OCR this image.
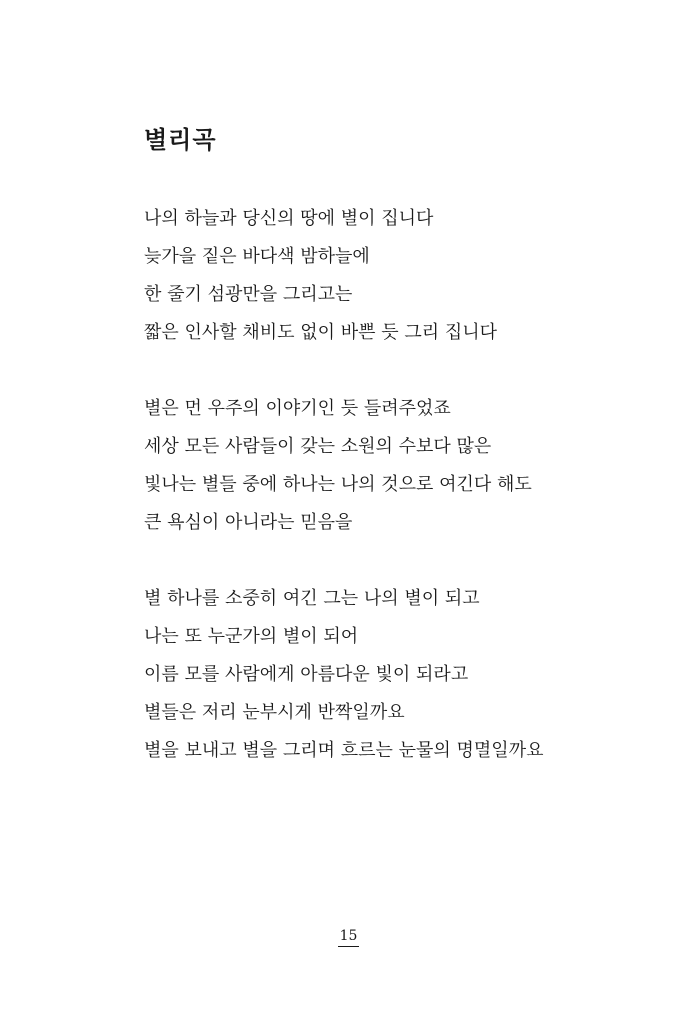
별리곡
나의 하늘과 당신의 땅에 별이 집니다
늦가을 짙은 바다색 밤하늘에
한 줄기 섬광만을 그리고는
짧은 인사할 채비도 없이 바쁜 듯 그리 집니다
별은 먼 우주의 이야기인 듯 들려주었죠
세상 모든 사람들이 갖는 소원의 수보다 많은
빛나는 별들 중에 하나는 나의 것으로 여긴다 해도
큰 욕심이 아니라는 믿음을
별 하나를 소중히 여긴 그는 나의 별이 되고
나는 또 누군가의 별이 되어
이름 모를 사람에게 아름다운 빛이 되라고
별들은 저리 눈부시게 반짝일까요
별을 보내고 별을 그리며 흐르는 눈물의 명멸일까요
15
